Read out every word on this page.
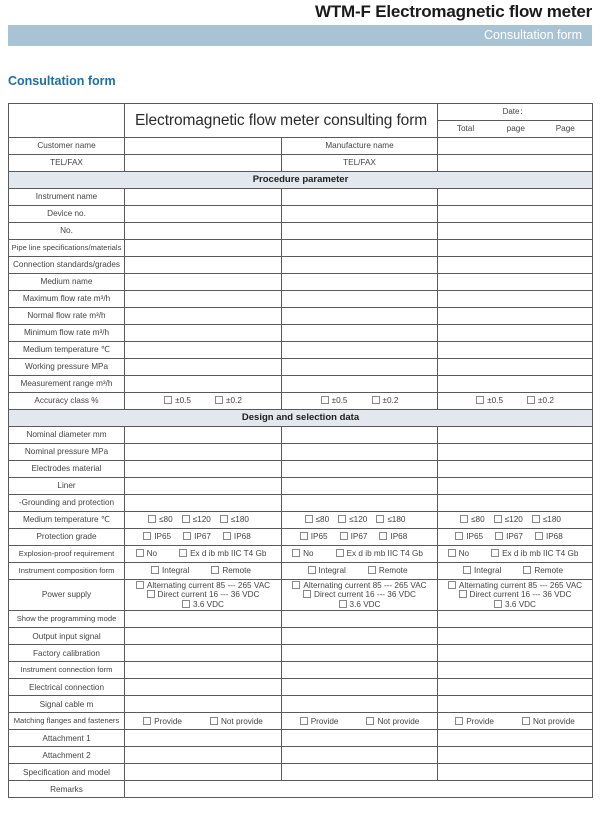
WTM-F Electromagnetic flow meter
Consultation form
Consultation form
	Electromagnetic flow meter consulting form		Date：
			Total page Page
Customer name		Manufacture name	
TEL/FAX		TEL/FAX	
Procedure parameter			
Instrument name			
Device no.			
No.			
Pipe line specifications/materials			
Connection standards/grades			
Medium name			
Maximum flow rate m³/h			
Normal flow rate m³/h			
Minimum flow rate m³/h			
Medium temperature ℃			
Working pressure MPa			
Measurement range m³/h			
Accuracy class %	±0.5 ±0.2	±0.5 ±0.2	±0.5 ±0.2
Design and selection data			
Nominal diameter mm			
Nominal pressure MPa			
Electrodes material			
Liner			
-Grounding and protection			
Medium temperature ℃	≤80 ≤120 ≤180	≤80 ≤120 ≤180	≤80 ≤120 ≤180
Protection grade	IP65 IP67 IP68	IP65 IP67 IP68	IP65 IP67 IP68
Explosion-proof requirement	No Ex d ib mb IIC T4 Gb	No Ex d ib mb IIC T4 Gb	No Ex d ib mb IIC T4 Gb
Instrument composition form	Integral Remote	Integral Remote	Integral Remote
Power supply	Alternating current 85 --- 265 VAC
Direct current 16 --- 36 VDC
3.6 VDC	Alternating current 85 --- 265 VAC
Direct current 16 --- 36 VDC
3.6 VDC	Alternating current 85 --- 265 VAC
Direct current 16 --- 36 VDC
3.6 VDC

Show the programming mode			
Output input signal			
Factory calibration			
Instrument connection form			
Electrical connection			
Signal cable m			
Matching flanges and fasteners	Provide Not provide	Provide Not provide	Provide Not provide
Attachment 1			
Attachment 2			
Specification and model			
Remarks			
